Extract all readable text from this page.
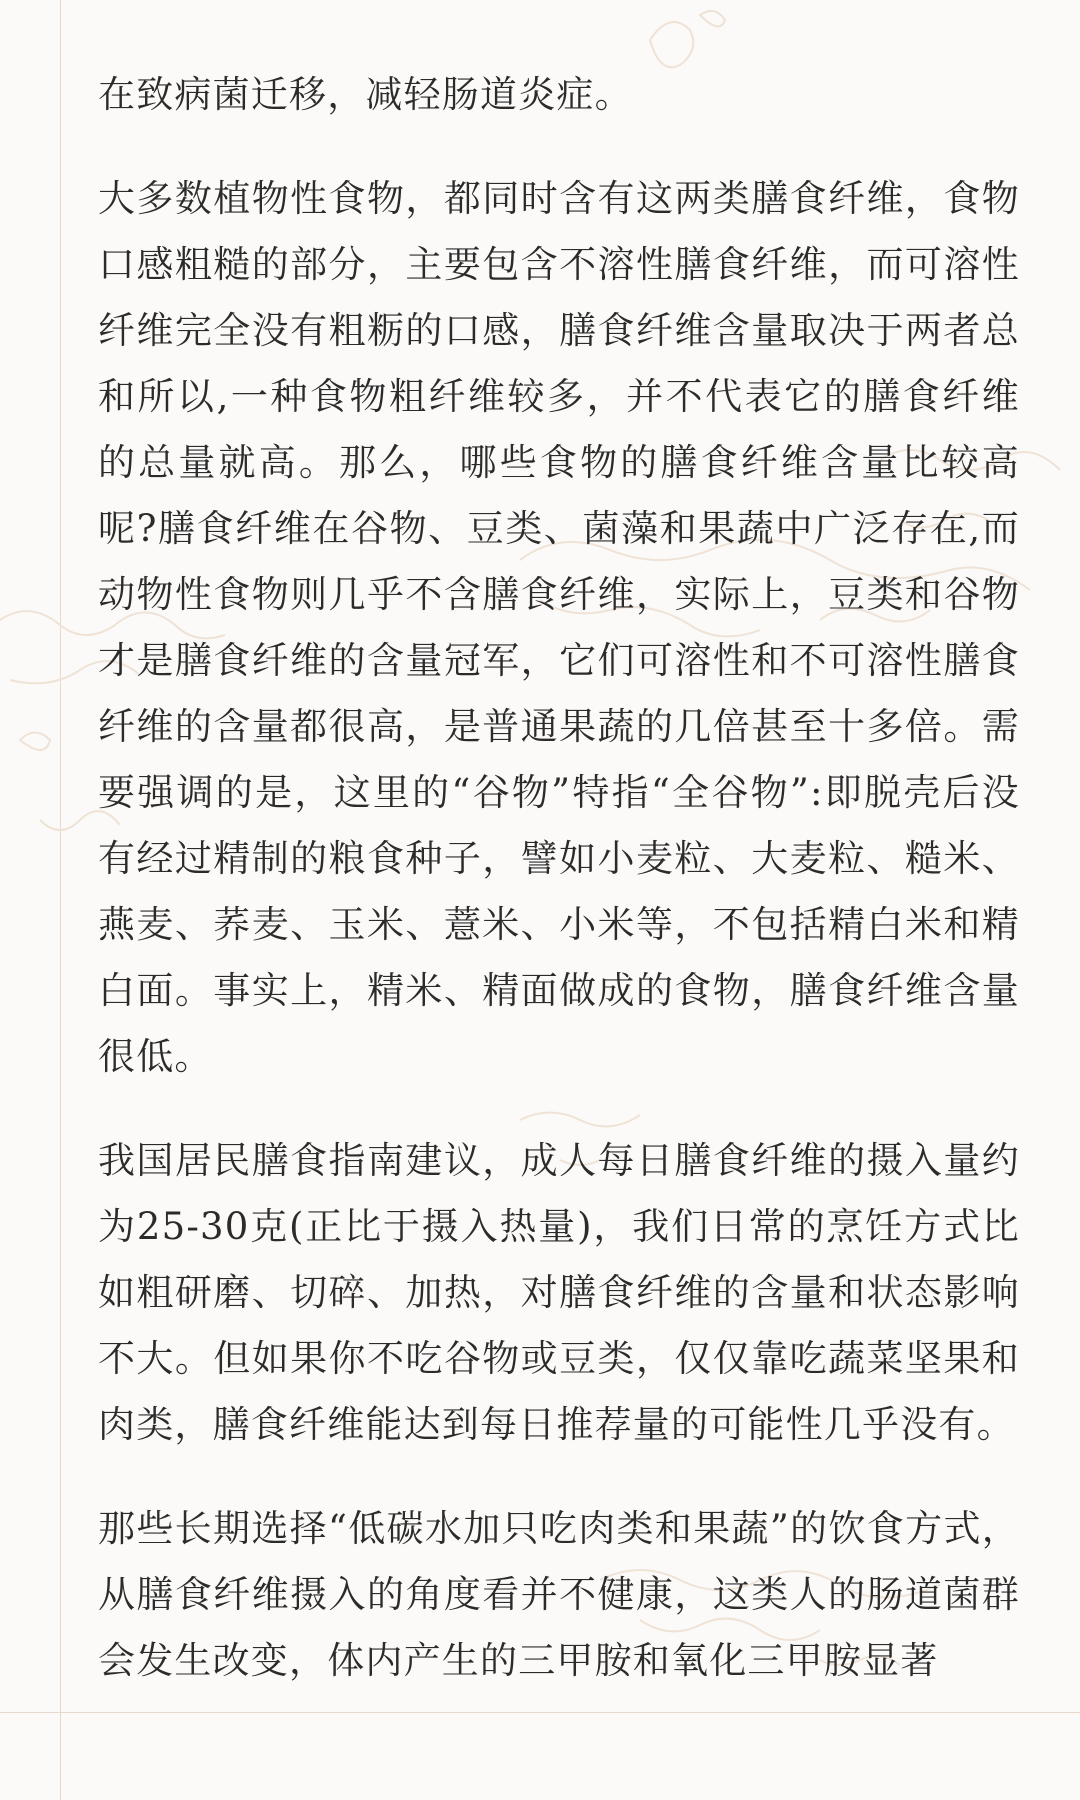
在致病菌迁移，减轻肠道炎症。

大多数植物性食物，都同时含有这两类膳食纤维，食物口感粗糙的部分，主要包含不溶性膳食纤维，而可溶性纤维完全没有粗粝的口感，膳食纤维含量取决于两者总和所以,一种食物粗纤维较多，并不代表它的膳食纤维的总量就高。那么，哪些食物的膳食纤维含量比较高呢?膳食纤维在谷物、豆类、菌藻和果蔬中广泛存在,而动物性食物则几乎不含膳食纤维，实际上，豆类和谷物才是膳食纤维的含量冠军，它们可溶性和不可溶性膳食纤维的含量都很高，是普通果蔬的几倍甚至十多倍。需要强调的是，这里的“谷物”特指“全谷物”:即脱壳后没有经过精制的粮食种子，譬如小麦粒、大麦粒、糙米、燕麦、荞麦、玉米、薏米、小米等，不包括精白米和精白面。事实上，精米、精面做成的食物，膳食纤维含量很低。

我国居民膳食指南建议，成人每日膳食纤维的摄入量约为25-30克(正比于摄入热量)，我们日常的烹饪方式比如粗研磨、切碎、加热，对膳食纤维的含量和状态影响不大。但如果你不吃谷物或豆类，仅仅靠吃蔬菜坚果和肉类，膳食纤维能达到每日推荐量的可能性几乎没有。

那些长期选择“低碳水加只吃肉类和果蔬”的饮食方式，从膳食纤维摄入的角度看并不健康，这类人的肠道菌群会发生改变，体内产生的三甲胺和氧化三甲胺显著
